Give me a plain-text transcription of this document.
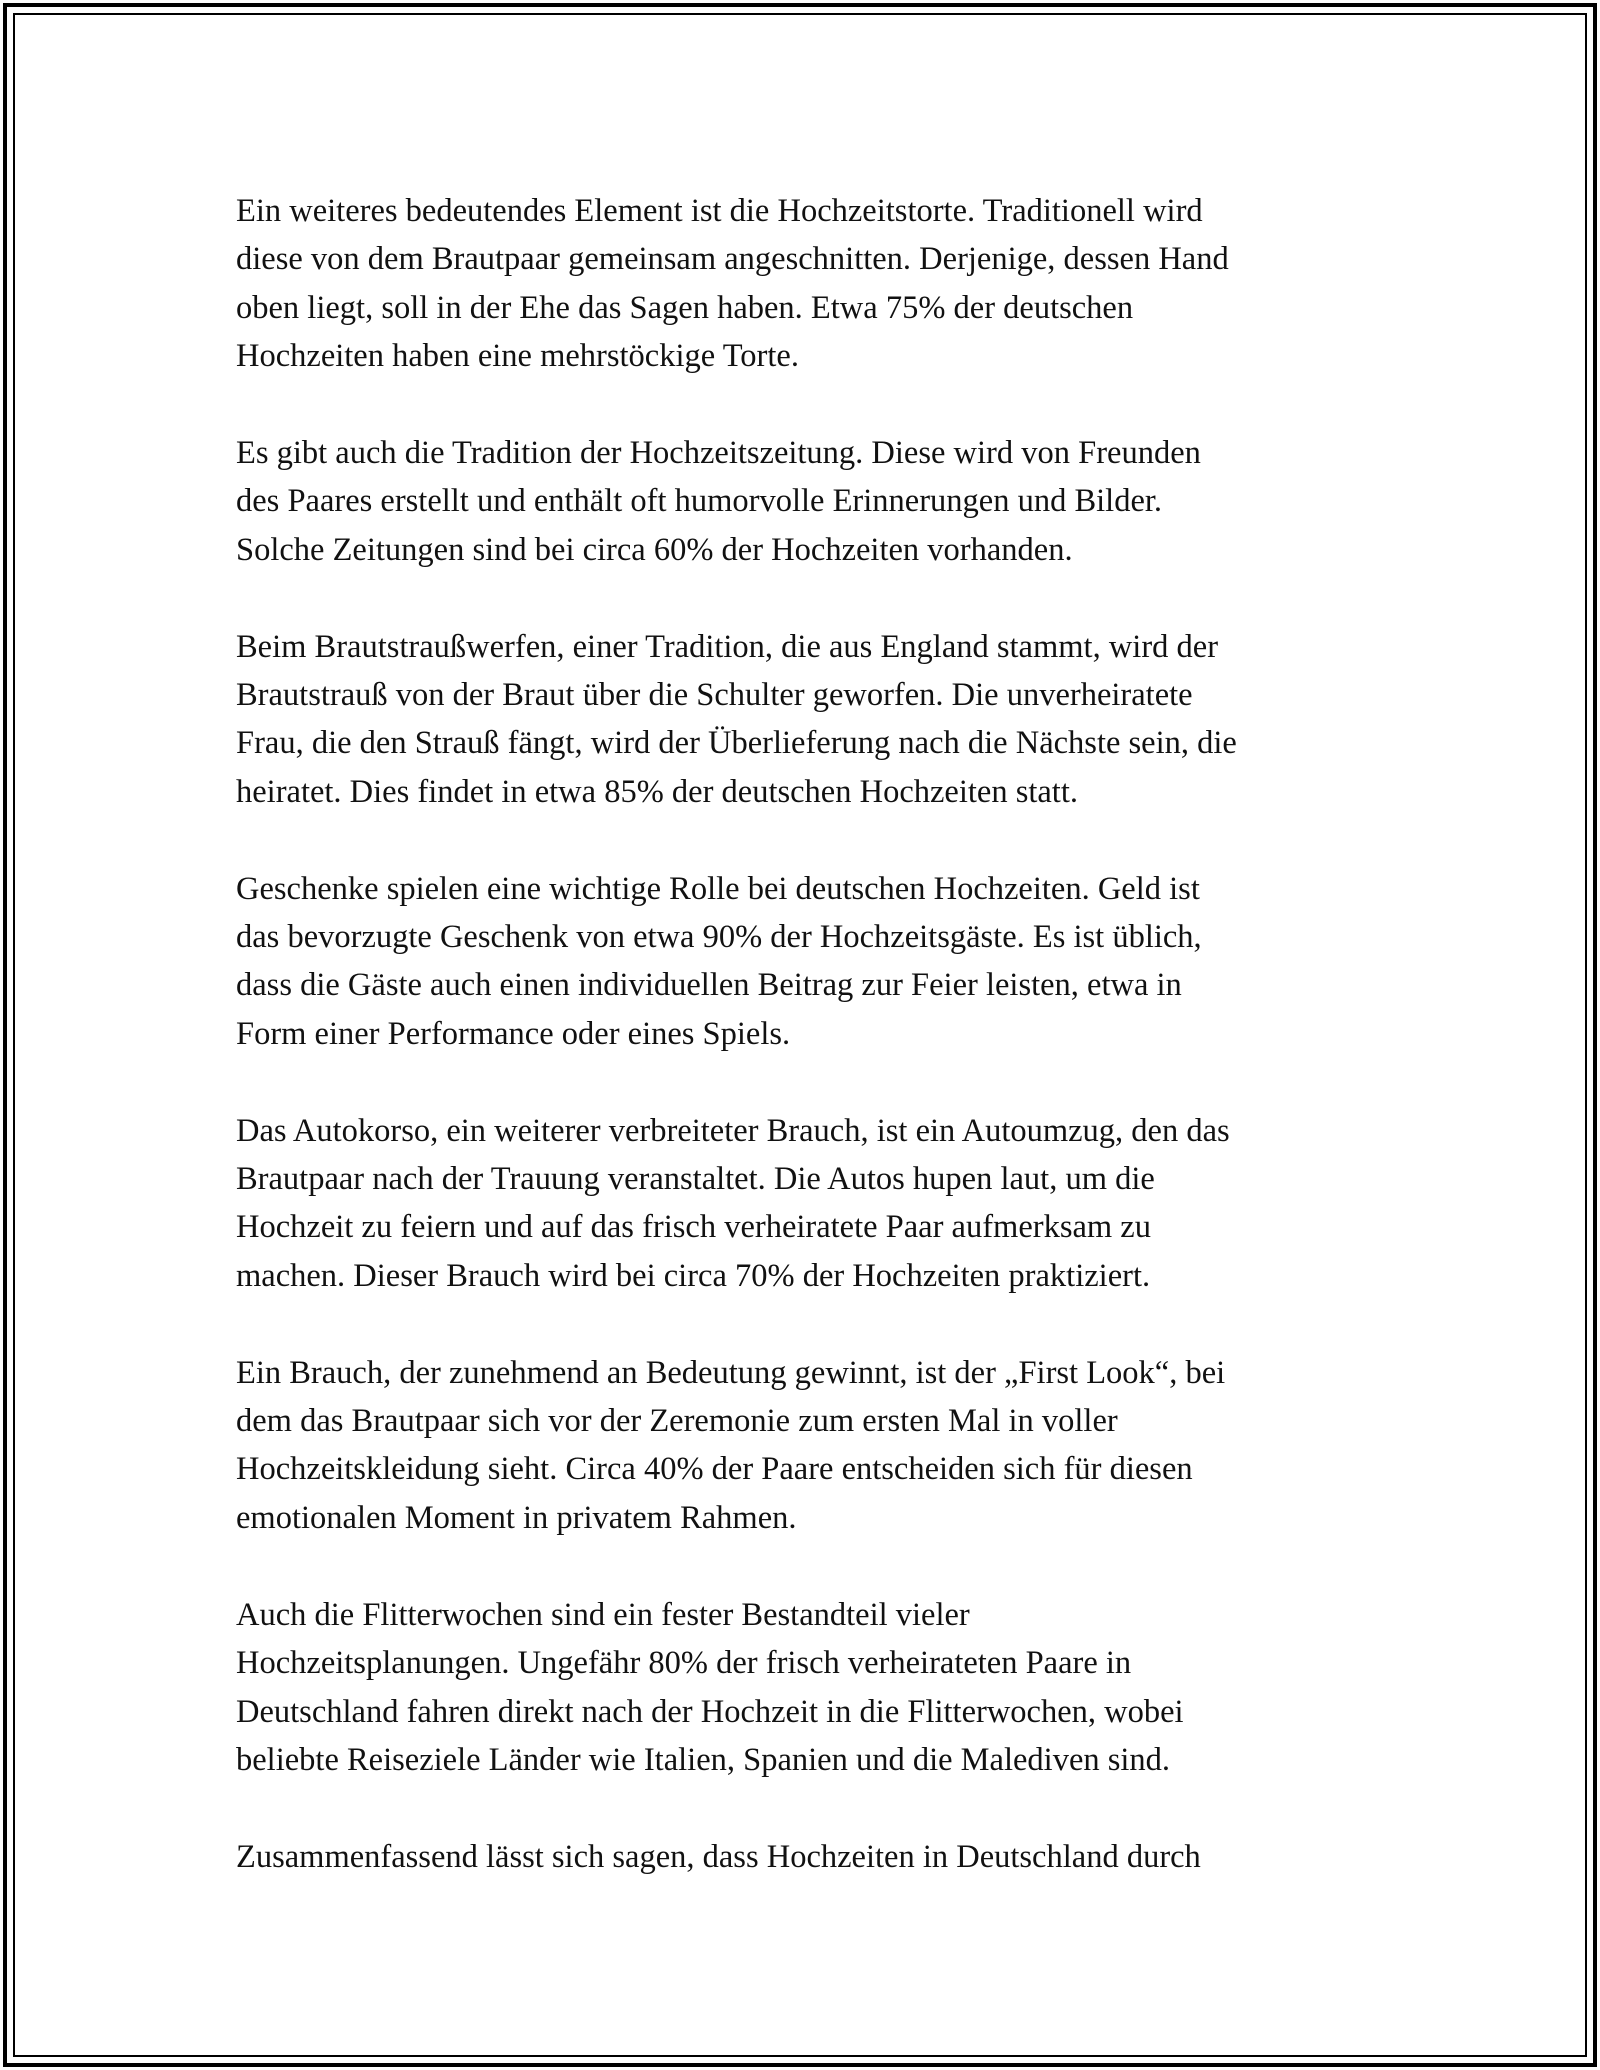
Ein weiteres bedeutendes Element ist die Hochzeitstorte. Traditionell wird
diese von dem Brautpaar gemeinsam angeschnitten. Derjenige, dessen Hand
oben liegt, soll in der Ehe das Sagen haben. Etwa 75% der deutschen
Hochzeiten haben eine mehrstöckige Torte.

Es gibt auch die Tradition der Hochzeitszeitung. Diese wird von Freunden
des Paares erstellt und enthält oft humorvolle Erinnerungen und Bilder.
Solche Zeitungen sind bei circa 60% der Hochzeiten vorhanden.

Beim Brautstraußwerfen, einer Tradition, die aus England stammt, wird der
Brautstrauß von der Braut über die Schulter geworfen. Die unverheiratete
Frau, die den Strauß fängt, wird der Überlieferung nach die Nächste sein, die
heiratet. Dies findet in etwa 85% der deutschen Hochzeiten statt.

Geschenke spielen eine wichtige Rolle bei deutschen Hochzeiten. Geld ist
das bevorzugte Geschenk von etwa 90% der Hochzeitsgäste. Es ist üblich,
dass die Gäste auch einen individuellen Beitrag zur Feier leisten, etwa in
Form einer Performance oder eines Spiels.

Das Autokorso, ein weiterer verbreiteter Brauch, ist ein Autoumzug, den das
Brautpaar nach der Trauung veranstaltet. Die Autos hupen laut, um die
Hochzeit zu feiern und auf das frisch verheiratete Paar aufmerksam zu
machen. Dieser Brauch wird bei circa 70% der Hochzeiten praktiziert.

Ein Brauch, der zunehmend an Bedeutung gewinnt, ist der „First Look“, bei
dem das Brautpaar sich vor der Zeremonie zum ersten Mal in voller
Hochzeitskleidung sieht. Circa 40% der Paare entscheiden sich für diesen
emotionalen Moment in privatem Rahmen.

Auch die Flitterwochen sind ein fester Bestandteil vieler
Hochzeitsplanungen. Ungefähr 80% der frisch verheirateten Paare in
Deutschland fahren direkt nach der Hochzeit in die Flitterwochen, wobei
beliebte Reiseziele Länder wie Italien, Spanien und die Malediven sind.

Zusammenfassend lässt sich sagen, dass Hochzeiten in Deutschland durch
